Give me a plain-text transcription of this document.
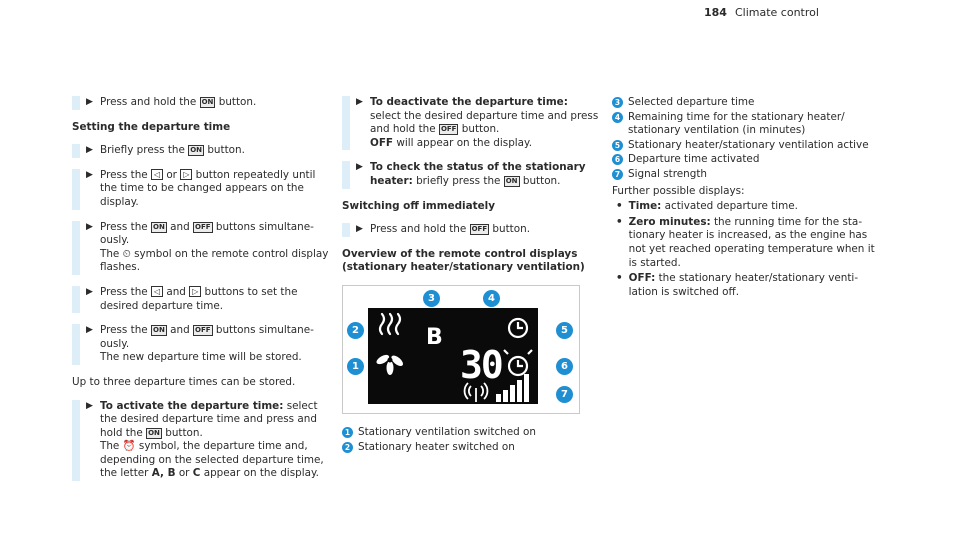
184 Climate control
▶ Press and hold the ON button.
Setting the departure time
▶ Briefly press the ON button.
▶ Press the ◁ or ▷ button repeatedly until the time to be changed appears on the display.
▶ Press the ON and OFF buttons simultaneously.
The ⏲ symbol on the remote control display flashes.
▶ Press the ◁ and ▷ buttons to set the desired departure time.
▶ Press the ON and OFF buttons simultaneously.
The new departure time will be stored.
Up to three departure times can be stored.
▶ To activate the departure time: select the desired departure time and press and hold the ON button.
The ⏰ symbol, the departure time and, depending on the selected departure time, the letter A, B or C appear on the display.
▶ To deactivate the departure time: select the desired departure time and press and hold the OFF button.
OFF will appear on the display.
▶ To check the status of the stationary heater: briefly press the ON button.
Switching off immediately
▶ Press and hold the OFF button.
Overview of the remote control displays (stationary heater/stationary ventilation)
B
30
3	4
2
1
5
6
7
1 Stationary ventilation switched on
2 Stationary heater switched on
3 Selected departure time
4 Remaining time for the stationary heater/ stationary ventilation (in minutes)
5 Stationary heater/stationary ventilation active
6 Departure time activated
7 Signal strength
Further possible displays:
• Time: activated departure time.
• Zero minutes: the running time for the stationary heater is increased, as the engine has not yet reached operating temperature when it is started.
• OFF: the stationary heater/stationary ventilation is switched off.
